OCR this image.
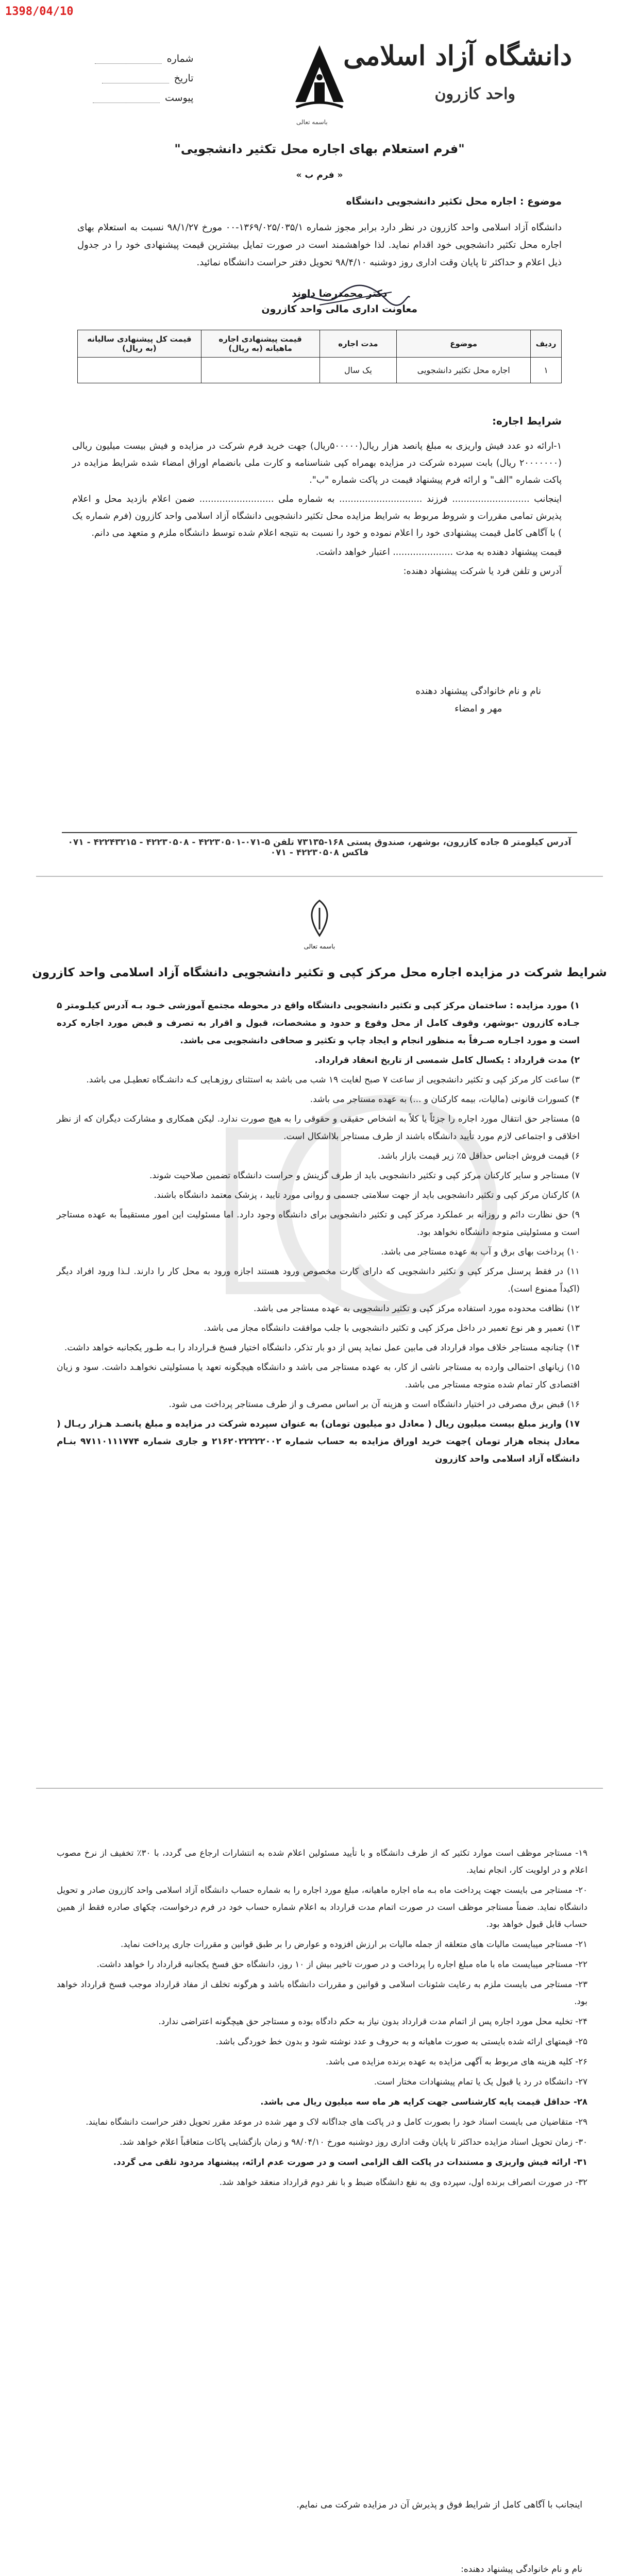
1398/04/10
دانشگاه آزاد اسلامی
واحد کازرون
باسمه تعالی
شماره
تاریخ
پیوست
"فرم استعلام بهای اجاره محل تکثیر دانشجویی"
« فرم ب »
موضوع : اجاره محل تکثیر دانشجویی دانشگاه
دانشگاه آزاد اسلامی واحد کازرون در نظر دارد برابر مجوز شماره ۱۳۶۹/۰۲۵/۰۳۵/۱-۰۰ مورخ ۹۸/۱/۲۷ نسبت به استعلام بهای اجاره محل تکثیر دانشجویی خود اقدام نماید. لذا خواهشمند است در صورت تمایل بیشترین قیمت پیشنهادی خود را در جدول ذیل اعلام و حداکثر تا پایان وقت اداری روز دوشنبه ۹۸/۴/۱۰ تحویل دفتر حراست دانشگاه نمائید.
دکتر محمدرضا داوند
معاونت اداری مالی واحد کازرون
ردیف	موضوع	مدت اجاره	قیمت پیشنهادی اجاره ماهیانه (به ریال)	قیمت کل پیشنهادی سالیانه (به ریال)
۱	اجاره محل تکثیر دانشجویی	یک سال		
شرایط اجاره:

۱-ارائه دو عدد فیش واریزی به مبلغ پانصد هزار ریال(۵۰۰۰۰۰ریال) جهت خرید فرم شرکت در مزایده و فیش بیست میلیون ریالی (۲۰۰۰۰۰۰۰ ریال) بابت سپرده شرکت در مزایده بهمراه کپی شناسنامه و کارت ملی بانضمام اوراق امضاء شده شرایط مزایده در پاکت شماره "الف" و ارائه فرم پیشنهاد قیمت در پاکت شماره "ب".

اینجانب ........................... فرزند ............................. به شماره ملی .......................... ضمن اعلام بازدید محل و اعلام پذیرش تمامی مقررات و شروط مربوط به شرایط مزایده محل تکثیر دانشجویی دانشگاه آزاد اسلامی واحد کازرون (فرم شماره یک ) با آگاهی کامل قیمت پیشنهادی خود را اعلام نموده و خود را نسبت به نتیجه اعلام شده توسط دانشگاه ملزم و متعهد می دانم.

قیمت پیشنهاد دهنده به مدت ..................... اعتبار خواهد داشت.

آدرس و تلفن فرد یا شرکت پیشنهاد دهنده:

نام و نام خانوادگی پیشنهاد دهنده
مهر و امضاء
آدرس کیلومتر ۵ جاده کازرون، بوشهر، صندوق پستی ۱۶۸-۷۳۱۳۵ تلفن ۵-۰۷۱-۴۲۲۳۰۵۰۱ - ۴۲۲۳۰۵۰۸ - ۴۲۲۴۳۲۱۵ - ۰۷۱ فاکس ۴۲۲۳۰۵۰۸ - ۰۷۱
باسمه تعالی
شرایط شرکت در مزایده اجاره محل مرکز کپی و تکثیر دانشجویی دانشگاه آزاد اسلامی واحد کازرون

۱) مورد مزایده : ساختمان مرکز کپی و تکثیر دانشجویی دانشگاه واقع در محوطه مجتمع آموزشی خـود بـه آدرس کیلـومتر ۵ جـاده کازرون -بوشهر، وقوف کامل از محل وقوع و حدود و مشخصات، قبول و اقرار به تصرف و قبض مورد اجاره کرده است و مورد اجـاره صـرفاً به منظور انجام و ایجاد چاپ و تکثیر و صحافی دانشجویی می باشد.

۲) مدت قرارداد : یکسال کامل شمسی از تاریخ انعقاد قرارداد.

۳) ساعت کار مرکز کپی و تکثیر دانشجویی از ساعت ۷ صبح لغایت ۱۹ شب می باشد به استثنای روزهـایی کـه دانشـگاه تعطیـل می باشد.

۴) کسورات قانونی (مالیات، بیمه کارکنان و ...) به عهده مستاجر می باشد.

۵) مستاجر حق انتقال مورد اجاره را جزئاً یا کلاً به اشخاص حقیقی و حقوقی را به هیچ صورت ندارد. لیکن همکاری و مشارکت دیگران که از نظر اخلاقی و اجتماعی لازم مورد تأیید دانشگاه باشند از طرف مستاجر بلااشکال است.

۶) قیمت فروش اجناس حداقل ۵٪ زیر قیمت بازار باشد.

۷) مستاجر و سایر کارکنان مرکز کپی و تکثیر دانشجویی باید از طرف گزینش و حراست دانشگاه تضمین صلاحیت شوند.

۸) کارکنان مرکز کپی و تکثیر دانشجویی باید از جهت سلامتی جسمی و روانی مورد تایید ، پزشک معتمد دانشگاه باشند.

۹) حق نظارت دائم و روزانه بر عملکرد مرکز کپی و تکثیر دانشجویی برای دانشگاه وجود دارد. اما مسئولیت این امور مستقیماً به عهده مستاجر است و مسئولیتی متوجه دانشگاه نخواهد بود.

۱۰) پرداخت بهای برق و آب به عهده مستاجر می باشد.

۱۱) در فقط پرسنل مرکز کپی و تکثیر دانشجویی که دارای کارت مخصوص ورود هستند اجازه ورود به محل کار را دارند. لـذا ورود افراد دیگر (اکیداً ممنوع است).

۱۲) نظافت محدوده مورد استفاده مرکز کپی و تکثیر دانشجویی به عهده مستاجر می باشد.

۱۳) تعمیر و هر نوع تعمیر در داخل مرکز کپی و تکثیر دانشجویی با جلب موافقت دانشگاه مجاز می باشد.

۱۴) چنانچه مستاجر خلاف مواد قرارداد فی مابین عمل نماید پس از دو بار تذکر، دانشگاه اختیار فسخ قـرارداد را بـه طـور یکجانبه خواهد داشت.

۱۵) زیانهای احتمالی وارده به مستاجر ناشی از کار، به عهده مستاجر می باشد و دانشگاه هیچگونه تعهد یا مسئولیتی نخواهـد داشت. سود و زیان اقتصادی کار تمام شده متوجه مستاجر می باشد.

۱۶) قبض برق مصرفی در اختیار دانشگاه است و هزینه آن بر اساس مصرف و از طرف مستاجر پرداخت می شود.

۱۷) واریز مبلغ بیست میلیون ریال ( معادل دو میلیون تومان) به عنوان سپرده شرکت در مزایده و مبلغ پانصـد هـزار ریـال ( معادل پنجاه هزار تومان )جهت خرید اوراق مزایده به حساب شماره ۲۱۶۲۰۲۲۲۲۲۰۰۲ و جاری شماره ۹۷۱۱۰۱۱۱۷۷۴ بنـام دانشگاه آزاد اسلامی واحد کازرون

۱۹- مستاجر موظف است موارد تکثیر که از طرف دانشگاه و با تأیید مسئولین اعلام شده به انتشارات ارجاع می گردد، با ۳۰٪ تخفیف از نرخ مصوب اعلام و در اولویت کار، انجام نماید.

۲۰- مستاجر می بایست جهت پرداخت ماه بـه ماه اجاره ماهیانه، مبلغ مورد اجاره را به شماره حساب دانشگاه آزاد اسلامی واحد کازرون صادر و تحویل دانشگاه نماید. ضمناً مستاجر موظف است در صورت اتمام مدت قرارداد به اعلام شماره حساب خود در فرم درخواست، چکهای صادره فقط از همین حساب قابل قبول خواهد بود.

۲۱- مستاجر میبایست مالیات های متعلقه از جمله مالیات بر ارزش افزوده و عوارض را بر طبق قوانین و مقررات جاری پرداخت نماید.

۲۲- مستاجر میبایست ماه با ماه مبلغ اجاره را پرداخت و در صورت تاخیر بیش از ۱۰ روز، دانشگاه حق فسخ یکجانبه قرارداد را خواهد داشت.

۲۳- مستاجر می بایست ملزم به رعایت شئونات اسلامی و قوانین و مقررات دانشگاه باشد و هرگونه تخلف از مفاد قرارداد موجب فسخ قرارداد خواهد بود.

۲۴- تخلیه محل مورد اجاره پس از اتمام مدت قرارداد بدون نیاز به حکم دادگاه بوده و مستاجر حق هیچگونه اعتراضی ندارد.

۲۵- قیمتهای ارائه شده بایستی به صورت ماهیانه و به حروف و عدد نوشته شود و بدون خط خوردگی باشد.

۲۶- کلیه هزینه های مربوط به آگهی مزایده به عهده برنده مزایده می باشد.

۲۷- دانشگاه در رد یا قبول یک یا تمام پیشنهادات مختار است.

۲۸- حداقل قیمت پایه کارشناسی جهت کرایه هر ماه سه میلیون ریال می باشد.

۲۹- متقاضیان می بایست اسناد خود را بصورت کامل و در پاکت های جداگانه لاک و مهر شده در موعد مقرر تحویل دفتر حراست دانشگاه نمایند.

۳۰- زمان تحویل اسناد مزایده حداکثر تا پایان وقت اداری روز دوشنبه مورخ ۹۸/۰۴/۱۰ و زمان بازگشایی پاکات متعاقباً اعلام خواهد شد.

۳۱- ارائه فیش واریزی و مستندات در پاکت الف الزامی است و در صورت عدم ارائه، پیشنهاد مردود تلقی می گردد.

۳۲- در صورت انصراف برنده اول، سپرده وی به نفع دانشگاه ضبط و با نفر دوم قرارداد منعقد خواهد شد.

اینجانب با آگاهی کامل از شرایط فوق و پذیرش آن در مزایده شرکت می نمایم.
نام و نام خانوادگی پیشنهاد دهنده:
